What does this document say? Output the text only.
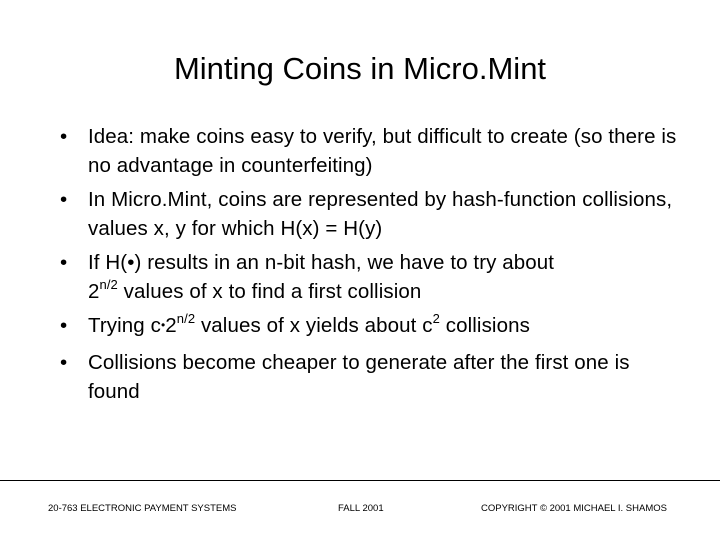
Minting Coins in Micro.Mint
• Idea: make coins easy to verify, but difficult to create (so there is no advantage in counterfeiting)
• In Micro.Mint, coins are represented by hash-function collisions, values x, y for which H(x) = H(y)
• If H(•) results in an n-bit hash, we have to try about
$2^{n/2}$ values of x to find a first collision
• Trying $c•2^{n/2}$ values of x yields about $c^2$ collisions
• Collisions become cheaper to generate after the first one is found
20-763 ELECTRONIC PAYMENT SYSTEMS	FALL 2001	COPYRIGHT © 2001 MICHAEL I. SHAMOS
